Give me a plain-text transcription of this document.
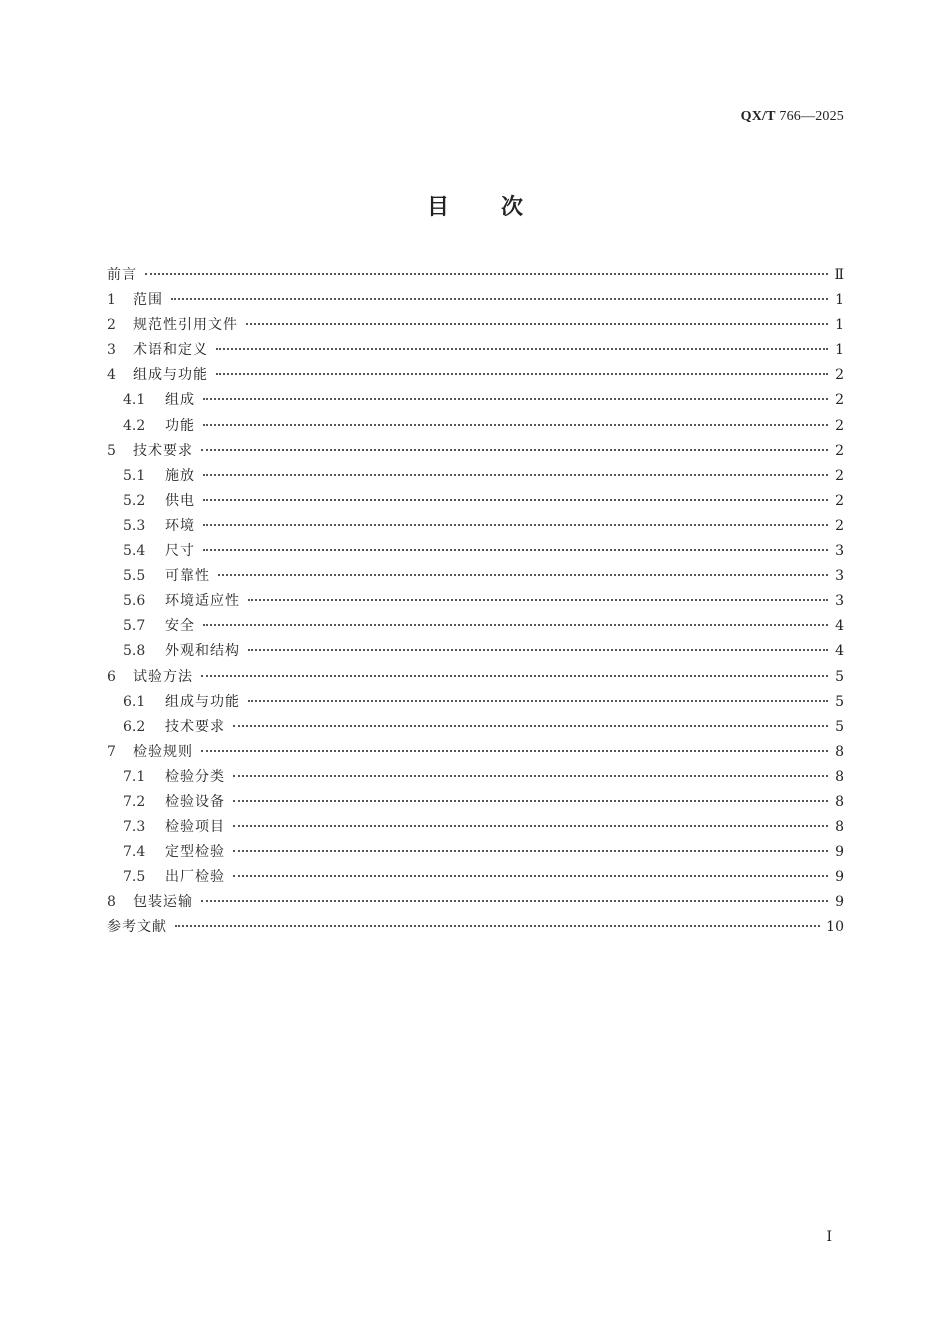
QX/T 766—2025
目 次
前言	Ⅱ
1	范围	1
2	规范性引用文件	1
3	术语和定义	1
4	组成与功能	2
4.1	组成	2
4.2	功能	2
5	技术要求	2
5.1	施放	2
5.2	供电	2
5.3	环境	2
5.4	尺寸	3
5.5	可靠性	3
5.6	环境适应性	3
5.7	安全	4
5.8	外观和结构	4
6	试验方法	5
6.1	组成与功能	5
6.2	技术要求	5
7	检验规则	8
7.1	检验分类	8
7.2	检验设备	8
7.3	检验项目	8
7.4	定型检验	9
7.5	出厂检验	9
8	包装运输	9
参考文献	10
Ⅰ
